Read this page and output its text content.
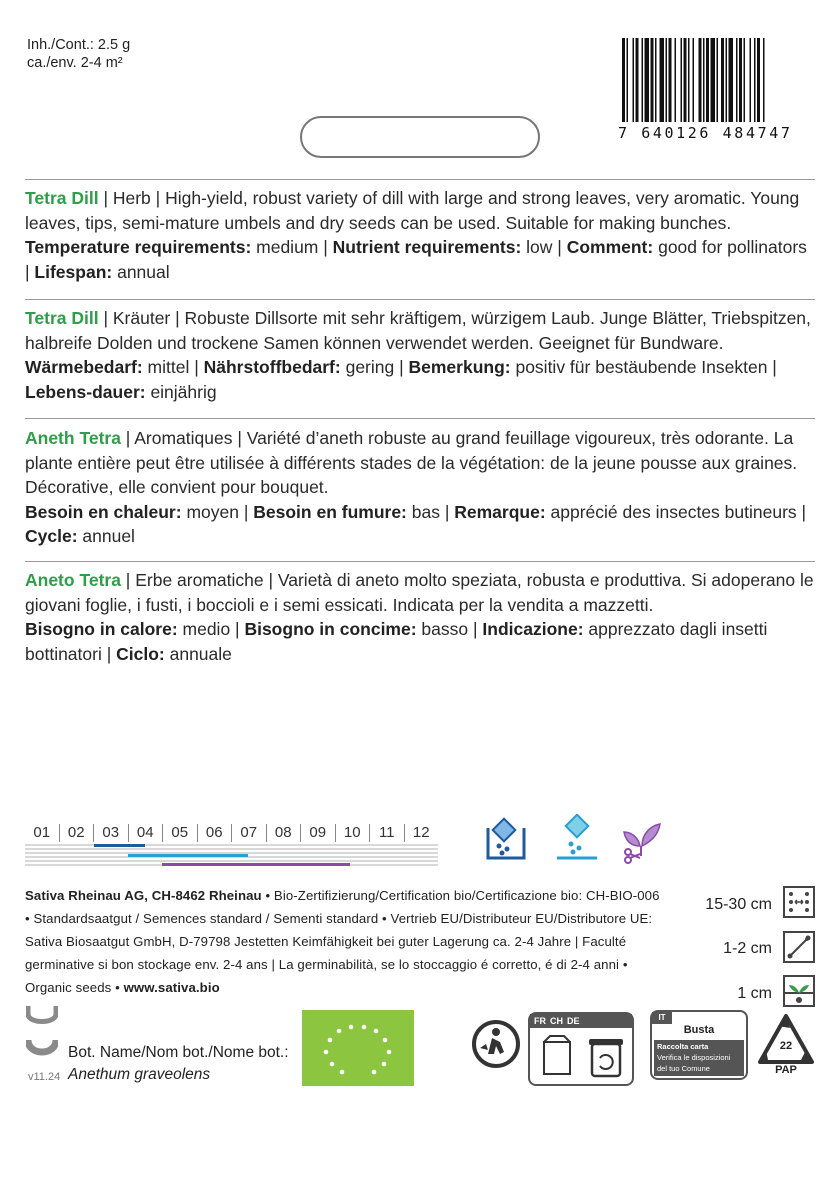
Inh./Cont.: 2.5 g
ca./env. 2-4 m²
7 640126 484747
Tetra Dill | Herb | High-yield, robust variety of dill with large and strong leaves, very aromatic. Young leaves, tips, semi-mature umbels and dry seeds can be used. Suitable for making bunches.
Temperature requirements: medium | Nutrient requirements: low | Comment: good for pollinators | Lifespan: annual
Tetra Dill | Kräuter | Robuste Dillsorte mit sehr kräftigem, würzigem Laub. Junge Blätter, Triebspitzen, halbreife Dolden und trockene Samen können verwendet werden. Geeignet für Bundware.
Wärmebedarf: mittel | Nährstoffbedarf: gering | Bemerkung: positiv für bestäubende Insekten | Lebens-dauer: einjährig
Aneth Tetra | Aromatiques | Variété d’aneth robuste au grand feuillage vigoureux, très odorante. La plante entière peut être utilisée à différents stades de la végétation: de la jeune pousse aux graines. Décorative, elle convient pour bouquet.
Besoin en chaleur: moyen | Besoin en fumure: bas | Remarque: apprécié des insectes butineurs | Cycle: annuel
Aneto Tetra | Erbe aromatiche | Varietà di aneto molto speziata, robusta e produttiva. Si adoperano le giovani foglie, i fusti, i boccioli e i semi essicati. Indicata per la vendita a mazzetti.
Bisogno in calore: medio | Bisogno in concime: basso | Indicazione: apprezzato dagli insetti bottinatori | Ciclo: annuale
01	02	03	04	05	06	07	08	09	10	11	12
Sativa Rheinau AG, CH-8462 Rheinau • Bio-Zertifizierung/Certification bio/Certificazione bio: CH-BIO-006 • Standardsaatgut / Semences standard / Sementi standard • Vertrieb EU/Distributeur EU/Distributore UE: Sativa Biosaatgut GmbH, D-79798 Jestetten Keimfähigkeit bei guter Lagerung ca. 2-4 Jahre | Faculté germinative si bon stockage env. 2-4 ans | La germinabilità, se lo stoccaggio é corretto, é di 2-4 anni • Organic seeds • www.sativa.bio
15-30 cm
1-2 cm
1 cm
Bot. Name/Nom bot./Nome bot.:
Anethum graveolens
v11.24
FR CH DE	IT
Busta
Raccolta carta
Verifica le disposizioni
del tuo Comune
22
PAP
